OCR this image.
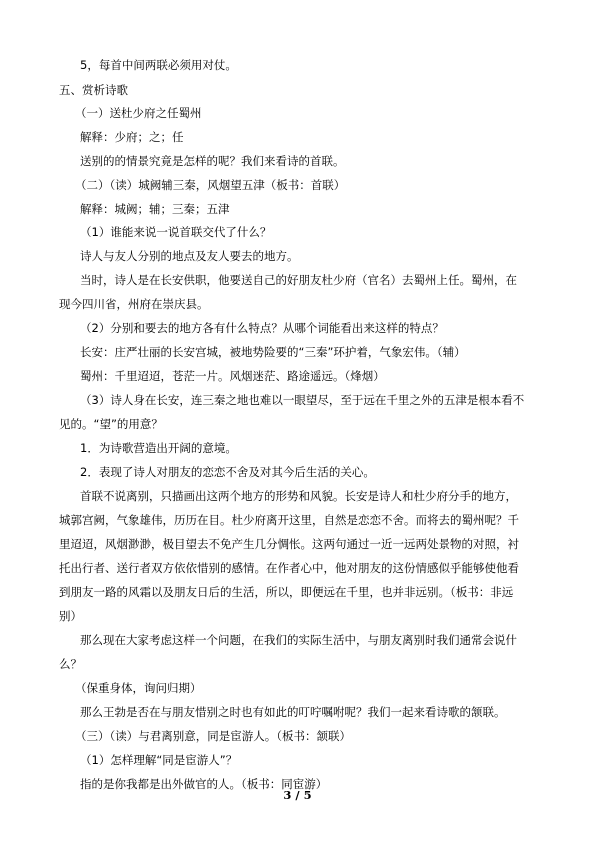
5，每首中间两联必须用对仗。
五、赏析诗歌
（一）送杜少府之任蜀州
解释：少府；之；任
送别的的情景究竟是怎样的呢？我们来看诗的首联。
（二）（读）城阙辅三秦，风烟望五津（板书：首联）
解释：城阙；辅；三秦；五津
（1）谁能来说一说首联交代了什么？
诗人与友人分别的地点及友人要去的地方。
当时，诗人是在长安供职，他要送自己的好朋友杜少府（官名）去蜀州上任。蜀州，在
现今四川省，州府在崇庆县。
（2）分别和要去的地方各有什么特点？从哪个词能看出来这样的特点？
长安：庄严壮丽的长安宫城，被地势险要的“三秦”环护着，气象宏伟。（辅）
蜀州：千里迢迢，苍茫一片。风烟迷茫、路途遥远。（烽烟）
（3）诗人身在长安，连三秦之地也难以一眼望尽，至于远在千里之外的五津是根本看不
见的。“望”的用意？
1．为诗歌营造出开阔的意境。
2．表现了诗人对朋友的恋恋不舍及对其今后生活的关心。
首联不说离别，只描画出这两个地方的形势和风貌。长安是诗人和杜少府分手的地方，
城郭宫阙，气象雄伟，历历在目。杜少府离开这里，自然是恋恋不舍。而将去的蜀州呢？千
里迢迢，风烟渺渺，极目望去不免产生几分惆怅。这两句通过一近一远两处景物的对照，衬
托出行者、送行者双方依依惜别的感情。在作者心中，他对朋友的这份情感似乎能够使他看
到朋友一路的风霜以及朋友日后的生活，所以，即便远在千里，也并非远别。（板书：非远
别）
那么现在大家考虑这样一个问题，在我们的实际生活中，与朋友离别时我们通常会说什
么？
（保重身体，询问归期）
那么王勃是否在与朋友惜别之时也有如此的叮咛嘱咐呢？我们一起来看诗歌的颔联。
（三）（读）与君离别意，同是宦游人。（板书：颔联）
（1）怎样理解“同是宦游人”？
指的是你我都是出外做官的人。（板书：同宦游）
3 / 5
